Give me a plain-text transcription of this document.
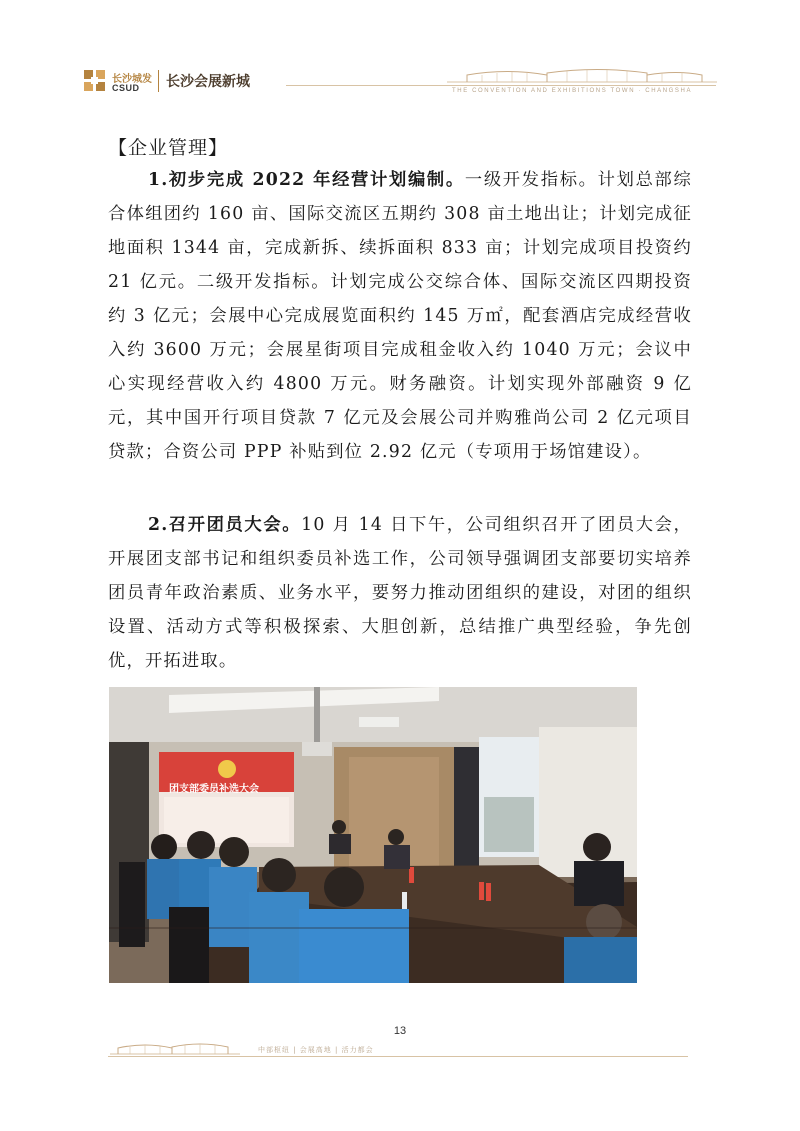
长沙城发
CSUD 长沙会展新城
THE CONVENTION AND EXHIBITIONS TOWN · CHANGSHA
【企业管理】
1.初步完成 2022 年经营计划编制。一级开发指标。计划总部综合体组团约 160 亩、国际交流区五期约 308 亩土地出让；计划完成征地面积 1344 亩，完成新拆、续拆面积 833 亩；计划完成项目投资约 21 亿元。二级开发指标。计划完成公交综合体、国际交流区四期投资约 3 亿元；会展中心完成展览面积约 145 万㎡，配套酒店完成经营收入约 3600 万元；会展星街项目完成租金收入约 1040 万元；会议中心实现经营收入约 4800 万元。财务融资。计划实现外部融资 9 亿元，其中国开行项目贷款 7 亿元及会展公司并购雅尚公司 2 亿元项目贷款；合资公司 PPP 补贴到位 2.92 亿元（专项用于场馆建设）。
2.召开团员大会。10 月 14 日下午，公司组织召开了团员大会，开展团支部书记和组织委员补选工作，公司领导强调团支部要切实培养团员青年政治素质、业务水平，要努力推动团组织的建设，对团的组织设置、活动方式等积极探索、大胆创新，总结推广典型经验，争先创优，开拓进取。
团支部委员补选大会
13
中部枢纽 | 会展高地 | 活力都会
